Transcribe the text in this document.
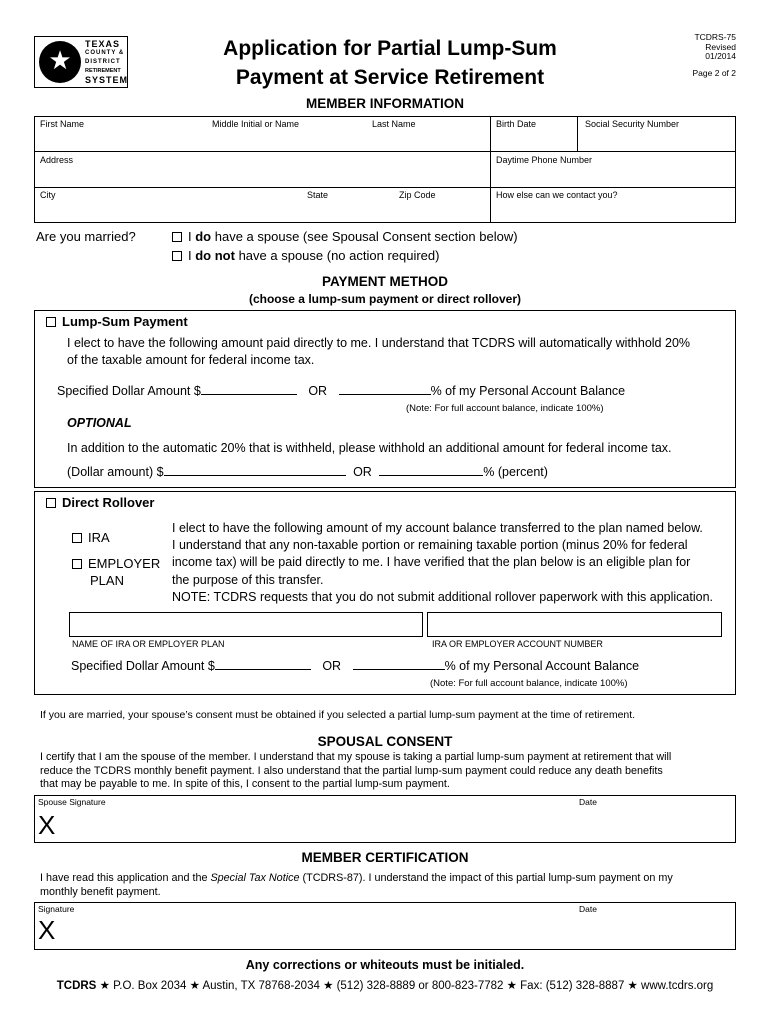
★
TEXAS
COUNTY &
DISTRICT
RETIREMENT
SYSTEM
Application for Partial Lump-Sum
Payment at Service Retirement
TCDRS-75
Revised
01/2014
Page 2 of 2
MEMBER INFORMATION
First Name	Middle Initial or Name	Last Name	Birth Date	Social Security Number
Address	Daytime Phone Number
City	State	Zip Code	How else can we contact you?
Are you married?	I do have a spouse (see Spousal Consent section below)
I do not have a spouse (no action required)
PAYMENT METHOD
(choose a lump-sum payment or direct rollover)
Lump-Sum Payment
I elect to have the following amount paid directly to me. I understand that TCDRS will automatically withhold 20%
of the taxable amount for federal income tax.
Specified Dollar Amount $	OR	% of my Personal Account Balance
(Note: For full account balance, indicate 100%)
OPTIONAL
In addition to the automatic 20% that is withheld, please withhold an additional amount for federal income tax.
(Dollar amount) $	OR	% (percent)
Direct Rollover
IRA
EMPLOYER
PLAN
I elect to have the following amount of my account balance transferred to the plan named below.
I understand that any non-taxable portion or remaining taxable portion (minus 20% for federal
income tax) will be paid directly to me. I have verified that the plan below is an eligible plan for
the purpose of this transfer.
NOTE: TCDRS requests that you do not submit additional rollover paperwork with this application.
NAME OF IRA OR EMPLOYER PLAN	IRA OR EMPLOYER ACCOUNT NUMBER
Specified Dollar Amount $	OR	% of my Personal Account Balance
(Note: For full account balance, indicate 100%)
If you are married, your spouse’s consent must be obtained if you selected a partial lump-sum payment at the time of retirement.
SPOUSAL CONSENT
I certify that I am the spouse of the member. I understand that my spouse is taking a partial lump-sum payment at retirement that will
reduce the TCDRS monthly benefit payment. I also understand that the partial lump-sum payment could reduce any death benefits
that may be payable to me. In spite of this, I consent to the partial lump-sum payment.
Spouse Signature	Date
X
MEMBER CERTIFICATION
I have read this application and the Special Tax Notice (TCDRS-87). I understand the impact of this partial lump-sum payment on my
monthly benefit payment.
Signature	Date
X
Any corrections or whiteouts must be initialed.
TCDRS ★ P.O. Box 2034 ★ Austin, TX 78768-2034 ★ (512) 328-8889 or 800-823-7782 ★ Fax: (512) 328-8887 ★ www.tcdrs.org
